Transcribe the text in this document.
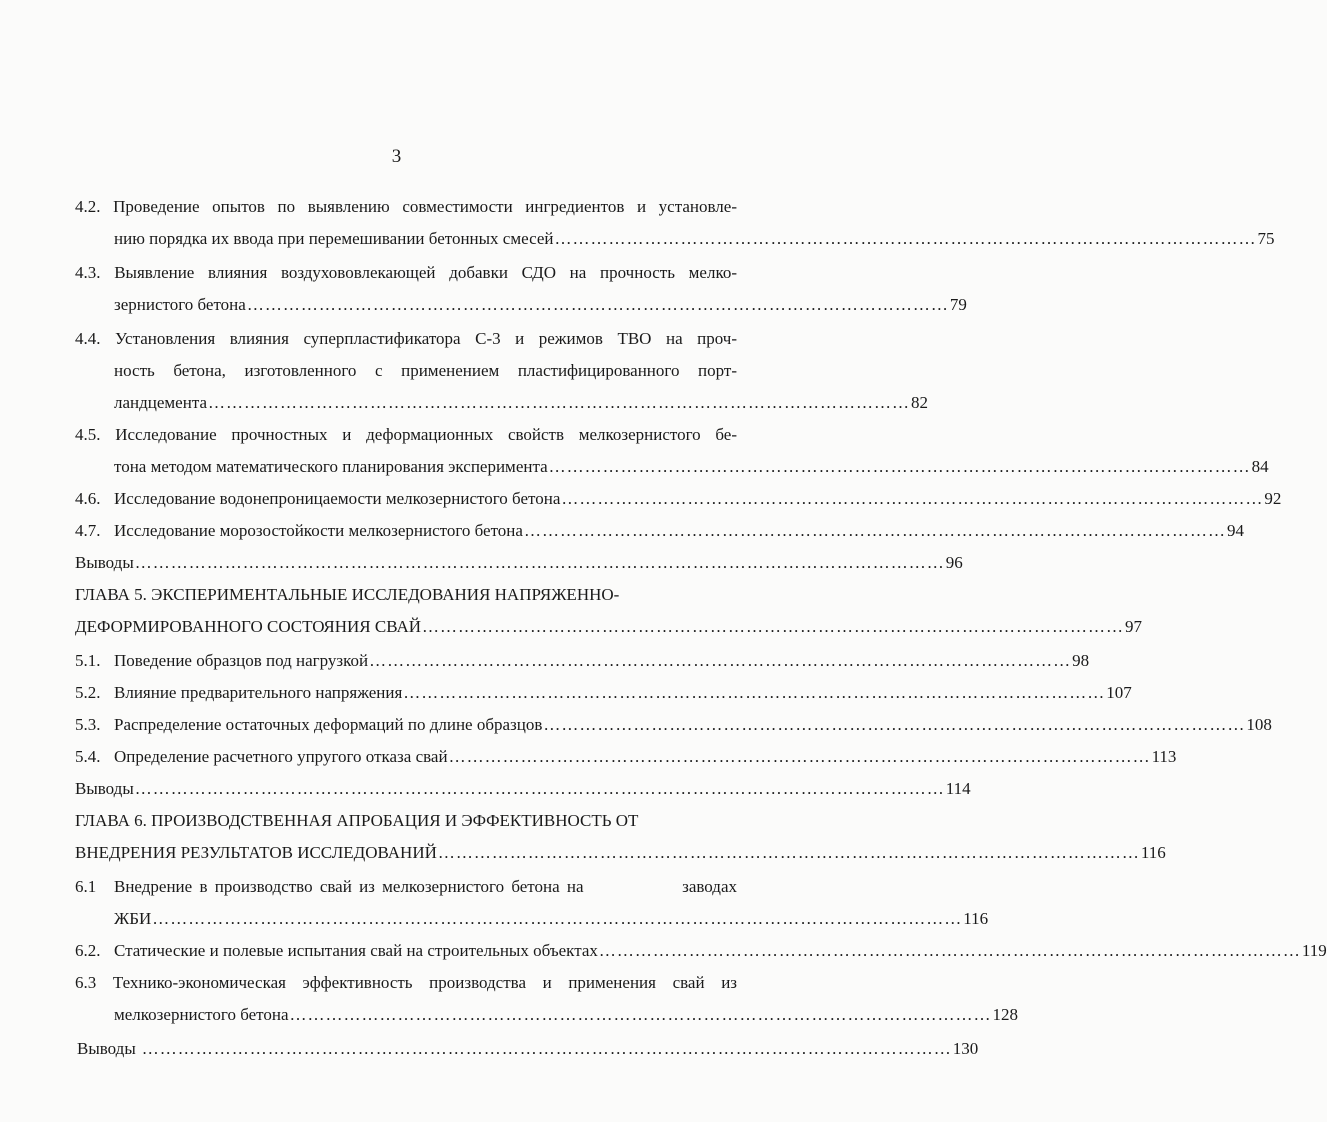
3
4.2. Проведение опытов по выявлению совместимости ингредиентов и установле-
нию порядка их ввода при перемешивании бетонных смесей ……………………………………………………………………………………………………… 75
4.3. Выявление влияния воздухововлекающей добавки СДО на прочность мелко-
зернистого бетона ……………………………………………………………………………………………………… 79
4.4. Установления влияния суперпластификатора С-3 и режимов ТВО на проч-
ность бетона, изготовленного с применением пластифицированного порт-
ландцемента ……………………………………………………………………………………………………… 82
4.5. Исследование прочностных и деформационных свойств мелкозернистого бе-
тона методом математического планирования эксперимента ……………………………………………………………………………………………………… 84
4.6. Исследование водонепроницаемости мелкозернистого бетона ……………………………………………………………………………………………………… 92
4.7. Исследование морозостойкости мелкозернистого бетона ……………………………………………………………………………………………………… 94
Выводы ……………………………………………………………………………………………………………………… 96
ГЛАВА 5. ЭКСПЕРИМЕНТАЛЬНЫЕ ИССЛЕДОВАНИЯ НАПРЯЖЕННО-
ДЕФОРМИРОВАННОГО СОСТОЯНИЯ СВАЙ ……………………………………………………………………………………………………… 97
5.1. Поведение образцов под нагрузкой ……………………………………………………………………………………………………… 98
5.2. Влияние предварительного напряжения ……………………………………………………………………………………………………… 107
5.3. Распределение остаточных деформаций по длине образцов ……………………………………………………………………………………………………… 108
5.4. Определение расчетного упругого отказа свай ……………………………………………………………………………………………………… 113
Выводы ……………………………………………………………………………………………………………………… 114
ГЛАВА 6. ПРОИЗВОДСТВЕННАЯ АПРОБАЦИЯ И ЭФФЕКТИВНОСТЬ ОТ
ВНЕДРЕНИЯ РЕЗУЛЬТАТОВ ИССЛЕДОВАНИЙ ……………………………………………………………………………………………………… 116
6.1	Внедрение в производство свай из мелкозернистого бетона на	заводах
ЖБИ ……………………………………………………………………………………………………………………… 116
6.2. Статические и полевые испытания свай на строительных объектах ……………………………………………………………………………………………………… 119
6.3 Технико-экономическая эффективность производства и применения свай из
мелкозернистого бетона ……………………………………………………………………………………………………… 128
Выводы ……………………………………………………………………………………………………………………… 130
